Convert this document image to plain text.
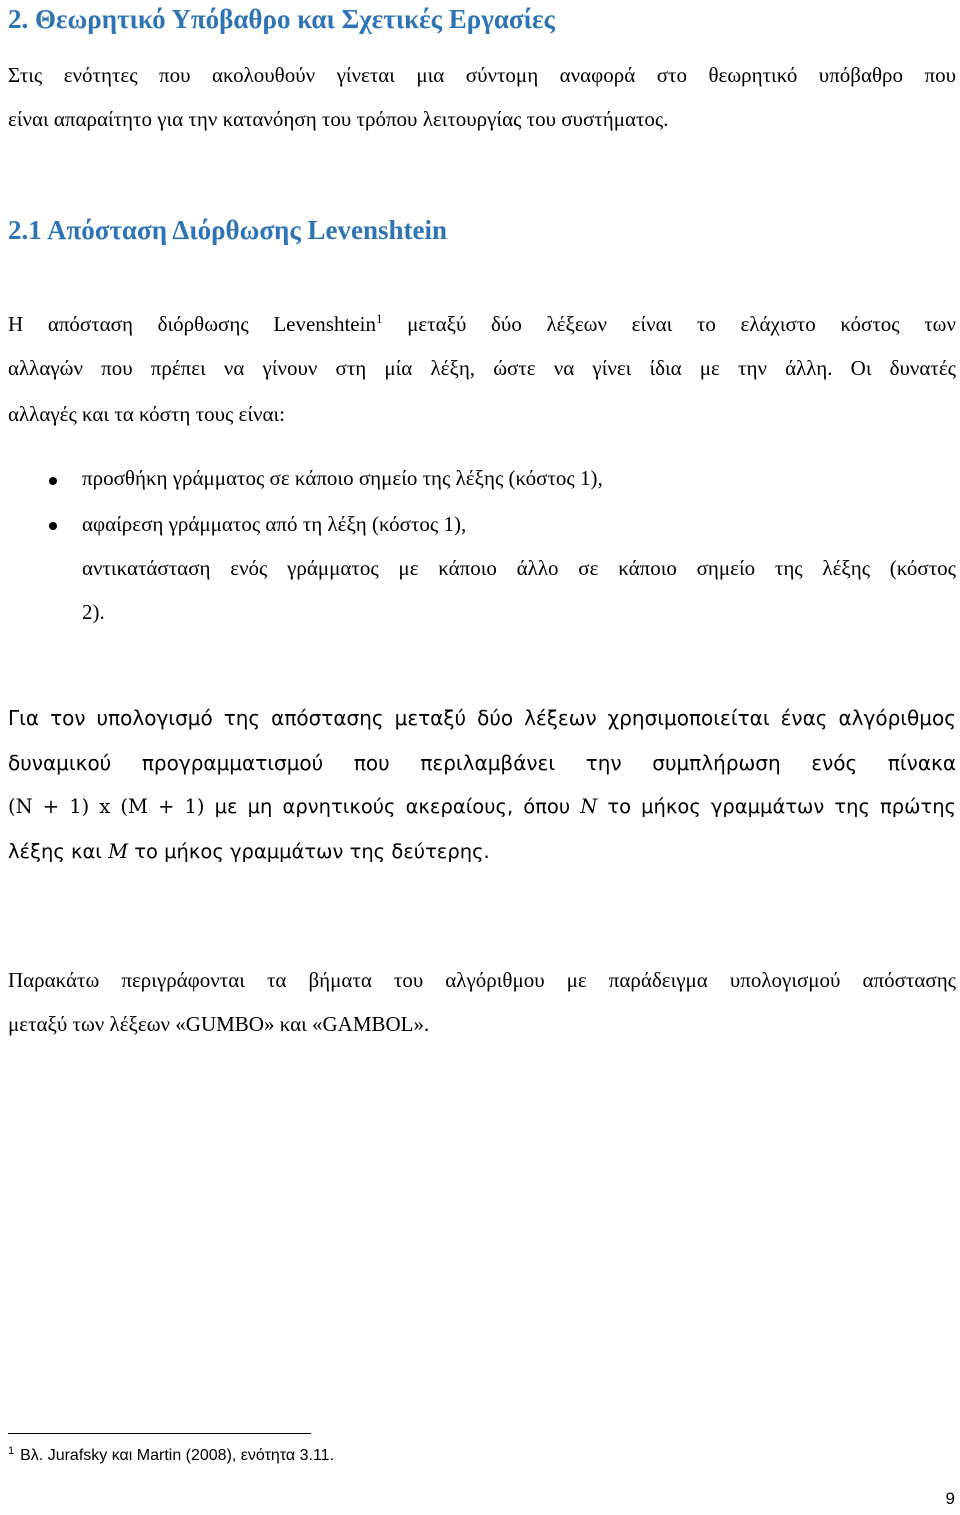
2. Θεωρητικό Υπόβαθρο και Σχετικές Εργασίες
Στις ενότητες που ακολουθούν γίνεται μια σύντομη αναφορά στο θεωρητικό υπόβαθρο που
είναι απαραίτητο για την κατανόηση του τρόπου λειτουργίας του συστήματος.
2.1 Απόσταση Διόρθωσης Levenshtein
Η απόσταση διόρθωσης Levenshtein$^1$ μεταξύ δύο λέξεων είναι το ελάχιστο κόστος των
αλλαγών που πρέπει να γίνουν στη μία λέξη, ώστε να γίνει ίδια με την άλλη. Οι δυνατές
αλλαγές και τα κόστη τους είναι:
προσθήκη γράμματος σε κάποιο σημείο της λέξης (κόστος 1),
αφαίρεση γράμματος από τη λέξη (κόστος 1),
αντικατάσταση ενός γράμματος με κάποιο άλλο σε κάποιο σημείο της λέξης (κόστος
2).
Για τον υπολογισμό της απόστασης μεταξύ δύο λέξεων χρησιμοποιείται ένας αλγόριθμος
δυναμικού προγραμματισμού που περιλαμβάνει την συμπλήρωση ενός πίνακα
(N + 1) x (M + 1) με μη αρνητικούς ακεραίους, όπου N το μήκος γραμμάτων της πρώτης
λέξης και M το μήκος γραμμάτων της δεύτερης.
Παρακάτω περιγράφονται τα βήματα του αλγόριθμου με παράδειγμα υπολογισμού απόστασης
μεταξύ των λέξεων «GUMBO» και «GAMBOL».
$^1$ Βλ. Jurafsky και Martin (2008), ενότητα 3.11.
9
